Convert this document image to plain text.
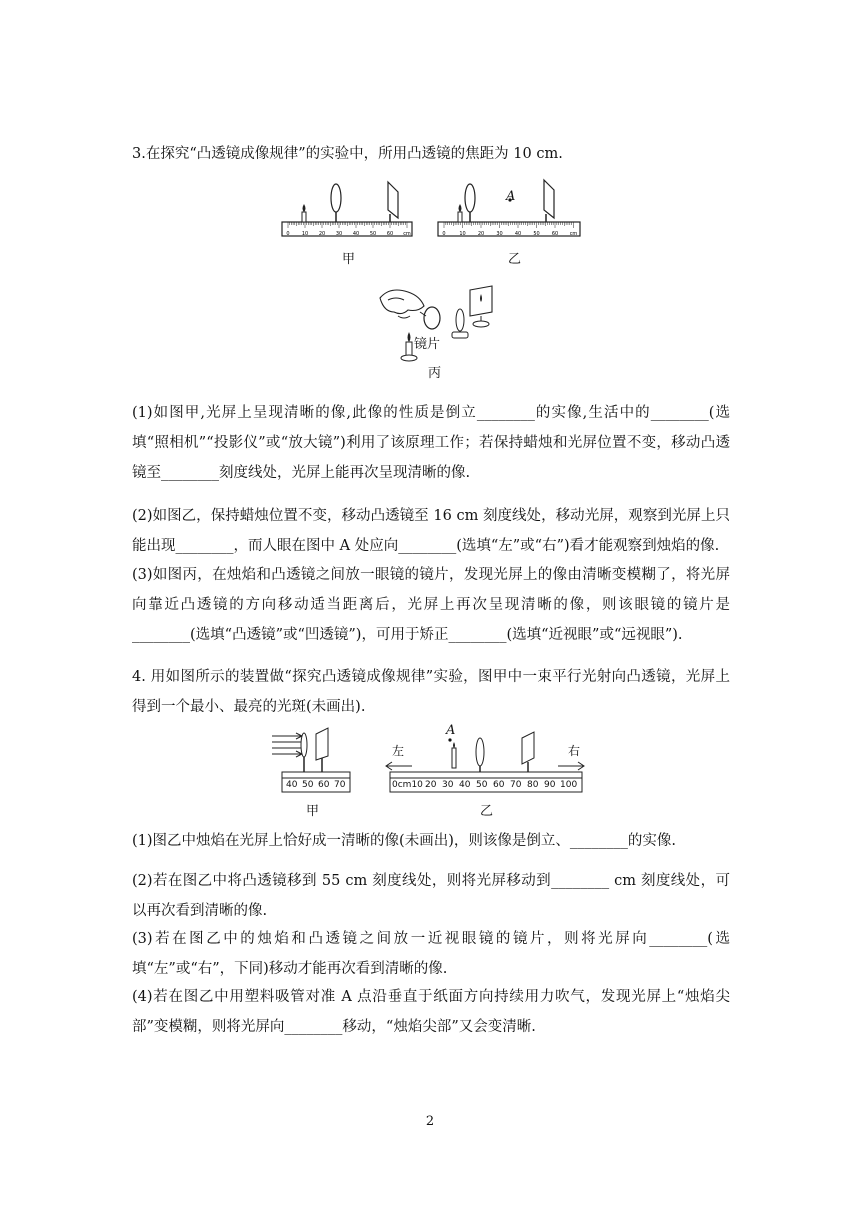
3.在探究“凸透镜成像规律”的实验中，所用凸透镜的焦距为 10 cm.
0 10 20 30 40 50 60 cm
甲
0	10 20 30 40 50 60 cm
A
乙
镜片
丙
(1)如图甲,光屏上呈现清晰的像,此像的性质是倒立________的实像,生活中的________(选填“照相机”“投影仪”或“放大镜”)利用了该原理工作；若保持蜡烛和光屏位置不变，移动凸透镜至________刻度线处，光屏上能再次呈现清晰的像.
(2)如图乙，保持蜡烛位置不变，移动凸透镜至 16 cm 刻度线处，移动光屏，观察到光屏上只能出现________，而人眼在图中 A 处应向________(选填“左”或“右”)看才能观察到烛焰的像.
(3)如图丙，在烛焰和凸透镜之间放一眼镜的镜片，发现光屏上的像由清晰变模糊了，将光屏向靠近凸透镜的方向移动适当距离后，光屏上再次呈现清晰的像，则该眼镜的镜片是________(选填“凸透镜”或“凹透镜”)，可用于矫正________(选填“近视眼”或“远视眼”).
4. 用如图所示的装置做“探究凸透镜成像规律”实验，图甲中一束平行光射向凸透镜，光屏上得到一个最小、最亮的光斑(未画出).
40 50 60 70
甲
左	右
A
0cm10 20 30 40 50 60 70 80 90 100
乙
(1)图乙中烛焰在光屏上恰好成一清晰的像(未画出)，则该像是倒立、________的实像.
(2)若在图乙中将凸透镜移到 55 cm 刻度线处，则将光屏移动到________ cm 刻度线处，可以再次看到清晰的像.
(3)若在图乙中的烛焰和凸透镜之间放一近视眼镜的镜片，则将光屏向________(选填“左”或“右”，下同)移动才能再次看到清晰的像.
(4)若在图乙中用塑料吸管对准 A 点沿垂直于纸面方向持续用力吹气，发现光屏上“烛焰尖部”变模糊，则将光屏向________移动，“烛焰尖部”又会变清晰.
2
